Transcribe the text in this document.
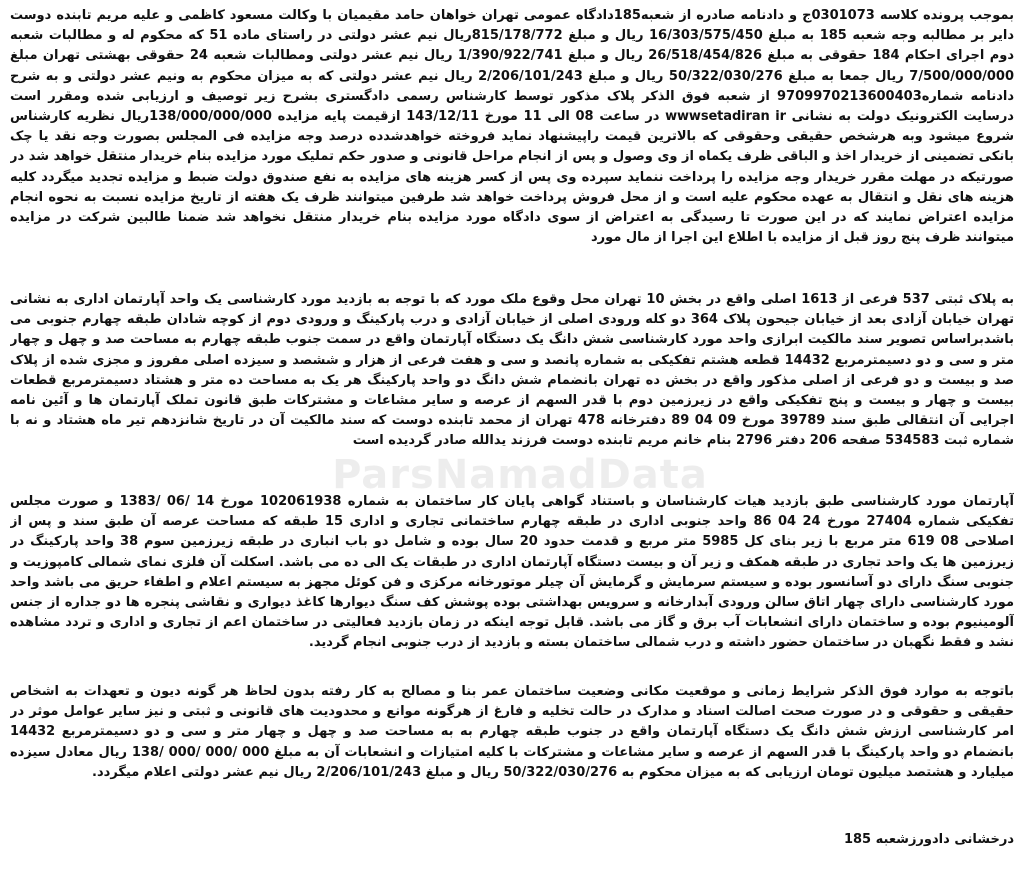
بموجب پرونده کلاسه 0301073ج و دادنامه صادره از شعبه185دادگاه عمومی تهران خواهان حامد مقیمیان با وکالت مسعود کاظمی و علیه مریم تابنده دوست دایر بر مطالبه وجه شعبه 185 به مبلغ 16/303/575/450 ریال و مبلغ 815/178/772ریال نیم عشر دولتی در راستای ماده 51 که محکوم له و مطالبات شعبه دوم اجرای احکام 184 حقوقی به مبلغ 26/518/454/826 ریال و مبلغ 1/390/922/741 ریال نیم عشر دولتی ومطالبات شعبه 24 حقوقی بهشتی تهران مبلغ 7/500/000/000 ریال جمعا به مبلغ 50/322/030/276 ریال و مبلغ 2/206/101/243 ریال نیم عشر دولتی که به میزان محکوم به ونیم عشر دولتی و به شرح دادنامه شماره9709970213600403 از شعبه فوق الذکر پلاک مذکور توسط کارشناس رسمی دادگستری بشرح زیر توصیف و ارزیابی شده ومقرر است درسایت الکترونیک دولت به نشانی wwwsetadiran ir در ساعت 08 الی 11 مورخ 143/12/11 ازقیمت پایه مزایده 138/000/000/000ریال نظریه کارشناس شروع میشود وبه هرشخص حقیقی وحقوقی که بالاترین قیمت راپیشنهاد نماید فروخته خواهدشدده درصد وجه مزایده فی المجلس بصورت وجه نقد یا چک بانکی تضمینی از خریدار اخذ و الباقی ظرف یکماه از وی وصول و پس از انجام مراحل قانونی و صدور حکم تملیک مورد مزایده بنام خریدار منتقل خواهد شد در صورتیکه در مهلت مقرر خریدار وجه مزایده را پرداخت ننماید سپرده وی پس از کسر هزینه های مزایده به نفع صندوق دولت ضبط و مزایده تجدید میگردد کلیه هزینه های نقل و انتقال به عهده محکوم علیه است و از محل فروش پرداخت خواهد شد طرفین میتوانند ظرف یک هفته از تاریخ مزایده نسبت به نحوه انجام مزایده اعتراض نمایند که در این صورت تا رسیدگی به اعتراض از سوی دادگاه مورد مزایده بنام خریدار منتقل نخواهد شد ضمنا طالبین شرکت در مزایده میتوانند ظرف پنج روز قبل از مزایده با اطلاع این اجرا از مال مورد

به پلاک ثبتی 537 فرعی از 1613 اصلی واقع در بخش 10 تهران محل وقوع ملک مورد که با توجه به بازدید مورد کارشناسی یک واحد آپارتمان اداری به نشانی تهران خیابان آزادی بعد از خیابان جیحون پلاک 364 دو کله ورودی اصلی از خیابان آزادی و درب پارکینگ و ورودی دوم از کوچه شادان طبقه چهارم جنوبی می باشدبراساس تصویر سند مالکیت ابرازی واحد مورد کارشناسی شش دانگ یک دستگاه آپارتمان واقع در سمت جنوب طبقه چهارم به مساحت صد و چهل و چهار متر و سی و دو دسیمترمربع 14432 قطعه هشتم تفکیکی به شماره پانصد و سی و هفت فرعی از هزار و ششصد و سیزده اصلی مفروز و مجزی شده از پلاک صد و بیست و دو فرعی از اصلی مذکور واقع در بخش ده تهران بانضمام شش دانگ دو واحد پارکینگ هر یک به مساحت ده متر و هشتاد دسیمترمربع قطعات بیست و چهار و بیست و پنج تفکیکی واقع در زیرزمین دوم با قدر السهم از عرصه و سایر مشاعات و مشترکات طبق قانون تملک آپارتمان ها و آئین نامه اجرایی آن انتقالی طبق سند 39789 مورخ 09 04 89 دفترخانه 478 تهران از محمد تابنده دوست که سند مالکیت آن در تاریخ شانزدهم تیر ماه هشتاد و نه با شماره ثبت 534583 صفحه 206 دفتر 2796 بنام خانم مریم تابنده دوست فرزند یدالله صادر گردیده است

آپارتمان مورد کارشناسی طبق بازدید هیات کارشناسان و باستناد گواهی پایان کار ساختمان به شماره 102061938 مورخ 14 /06 /1383 و صورت مجلس تفکیکی شماره 27404 مورخ 24 04 86 واحد جنوبی اداری در طبقه چهارم ساختمانی تجاری و اداری 15 طبقه که مساحت عرصه آن طبق سند و پس از اصلاحی 08 619 متر مربع با زیر بنای کل 5985 متر مربع و قدمت حدود 20 سال بوده و شامل دو باب انباری در طبقه زیرزمین سوم 38 واحد پارکینگ در زیرزمین ها یک واحد تجاری در طبقه همکف و زیر آن و بیست دستگاه آپارتمان اداری در طبقات یک الی ده می باشد. اسکلت آن فلزی نمای شمالی کامپوزیت و جنوبی سنگ دارای دو آسانسور بوده و سیستم سرمایش و گرمایش آن چیلر موتورخانه مرکزی و فن کوئل مجهز به سیستم اعلام و اطفاء حریق می باشد واحد مورد کارشناسی دارای چهار اتاق سالن ورودی آبدارخانه و سرویس بهداشتی بوده پوشش کف سنگ دیوارها کاغذ دیواری و نقاشی پنجره ها دو جداره از جنس آلومینیوم بوده و ساختمان دارای انشعابات آب برق و گاز می باشد. قابل توجه اینکه در زمان بازدید فعالیتی در ساختمان اعم از تجاری و اداری و تردد مشاهده نشد و فقط نگهبان در ساختمان حضور داشته و درب شمالی ساختمان بسته و بازدید از درب جنوبی انجام گردید.

باتوجه به موارد فوق الذکر شرایط زمانی و موقعیت مکانی وضعیت ساختمان عمر بنا و مصالح به کار رفته بدون لحاظ هر گونه دیون و تعهدات به اشخاص حقیقی و حقوقی و در صورت صحت اصالت اسناد و مدارک در حالت تخلیه و فارغ از هرگونه موانع و محدودیت های قانونی و ثبتی و نیز سایر عوامل موثر در امر کارشناسی ارزش شش دانگ یک دستگاه آپارتمان واقع در جنوب طبقه چهارم به به مساحت صد و چهل و چهار متر و سی و دو دسیمترمربع 14432 بانضمام دو واحد پارکینگ با قدر السهم از عرصه و سایر مشاعات و مشترکات با کلیه امتیازات و انشعابات آن به مبلغ 000 /000 /000 /138 ریال معادل سیزده میلیارد و هشتصد میلیون تومان ارزیابی که به میزان محکوم به 50/322/030/276 ریال و مبلغ 2/206/101/243 ریال نیم عشر دولتی اعلام میگردد.

درخشانی دادورزشعبه 185
ParsNamadData
